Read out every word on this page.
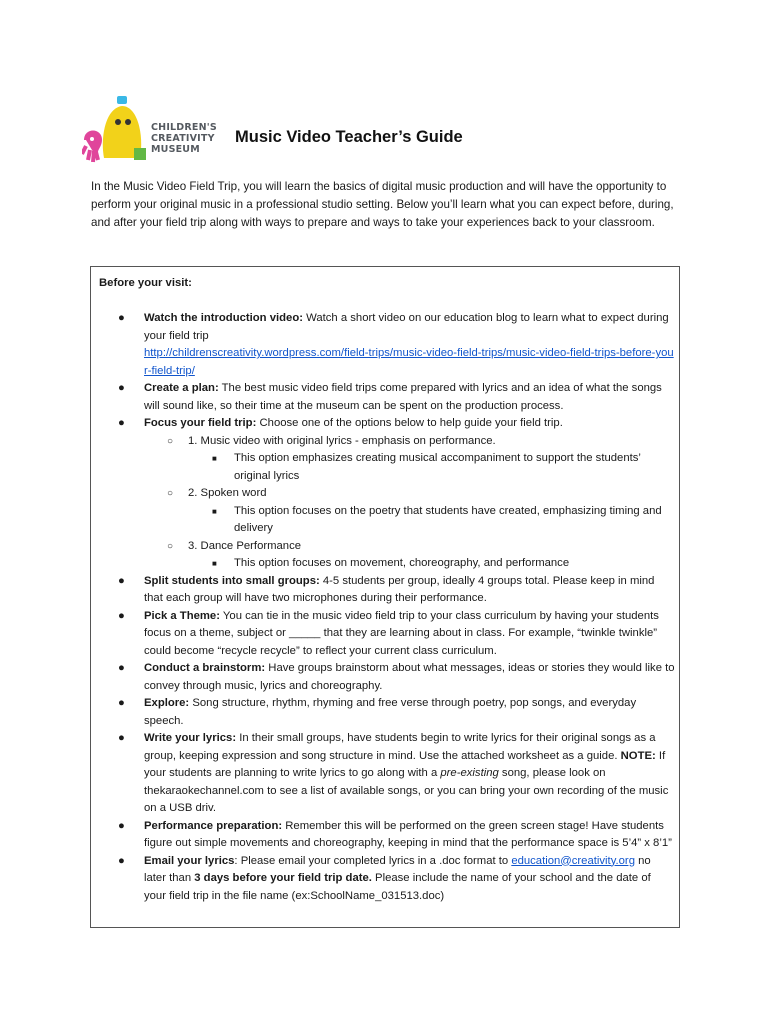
CHILDREN'S
CREATIVITY
MUSEUM
Music Video Teacher’s Guide
In the Music Video Field Trip, you will learn the basics of digital music production and will have the opportunity to perform your original music in a professional studio setting. Below you’ll learn what you can expect before, during, and after your field trip along with ways to prepare and ways to take your experiences back to your classroom.
Before your visit:
● Watch the introduction video: Watch a short video on our education blog to learn what to expect during your field trip
http://childrenscreativity.wordpress.com/field-trips/music-video-field-trips/music-video-field-trips-before-your-field-trip/
● Create a plan: The best music video field trips come prepared with lyrics and an idea of what the songs will sound like, so their time at the museum can be spent on the production process.
● Focus your field trip: Choose one of the options below to help guide your field trip.
○ 1. Music video with original lyrics - emphasis on performance.
■ This option emphasizes creating musical accompaniment to support the students’ original lyrics
○ 2. Spoken word
■ This option focuses on the poetry that students have created, emphasizing timing and delivery
○ 3. Dance Performance
■ This option focuses on movement, choreography, and performance
● Split students into small groups: 4-5 students per group, ideally 4 groups total. Please keep in mind that each group will have two microphones during their performance.
● Pick a Theme: You can tie in the music video field trip to your class curriculum by having your students focus on a theme, subject or _____ that they are learning about in class. For example, “twinkle twinkle” could become “recycle recycle” to reflect your current class curriculum.
● Conduct a brainstorm: Have groups brainstorm about what messages, ideas or stories they would like to convey through music, lyrics and choreography.
● Explore: Song structure, rhythm, rhyming and free verse through poetry, pop songs, and everyday speech.
● Write your lyrics: In their small groups, have students begin to write lyrics for their original songs as a group, keeping expression and song structure in mind. Use the attached worksheet as a guide. NOTE: If your students are planning to write lyrics to go along with a pre-existing song, please look on thekaraokechannel.com to see a list of available songs, or you can bring your own recording of the music on a USB driv.
● Performance preparation: Remember this will be performed on the green screen stage! Have students figure out simple movements and choreography, keeping in mind that the performance space is 5’4” x 8’1”
● Email your lyrics: Please email your completed lyrics in a .doc format to education@creativity.org no later than 3 days before your field trip date. Please include the name of your school and the date of your field trip in the file name (ex:SchoolName_031513.doc)
